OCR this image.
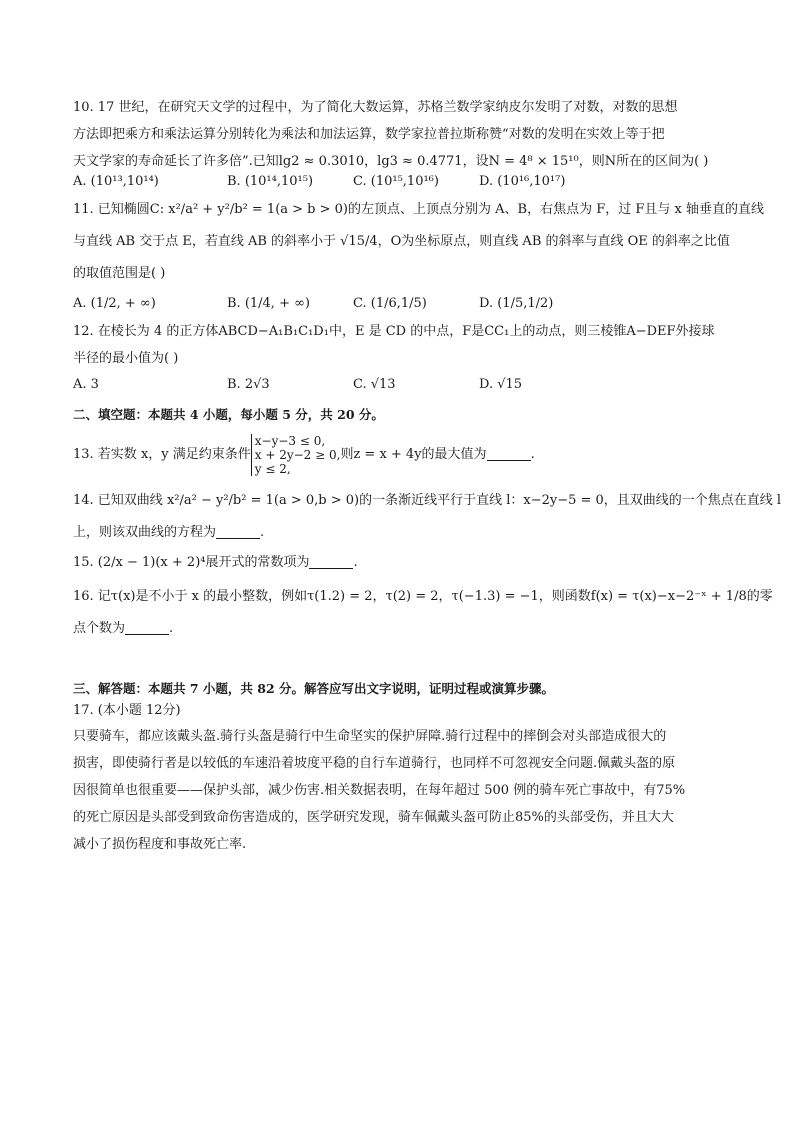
10. 17 世纪，在研究天文学的过程中，为了简化大数运算，苏格兰数学家纳皮尔发明了对数，对数的思想

方法即把乘方和乘法运算分别转化为乘法和加法运算，数学家拉普拉斯称赞“对数的发明在实效上等于把

天文学家的寿命延长了许多倍”.已知lg2 ≈ 0.3010，lg3 ≈ 0.4771，设N = 4⁸ × 15¹⁰，则N所在的区间为( )

A. (10¹³,10¹⁴)	B. (10¹⁴,10¹⁵)	C. (10¹⁵,10¹⁶)	D. (10¹⁶,10¹⁷)

11. 已知椭圆C: x²/a² + y²/b² = 1(a > b > 0)的左顶点、上顶点分别为 A、B，右焦点为 F，过 F且与 x 轴垂直的直线

与直线 AB 交于点 E，若直线 AB 的斜率小于 √15/4，O为坐标原点，则直线 AB 的斜率与直线 OE 的斜率之比值

的取值范围是( )

A. (1/2, + ∞)	B. (1/4, + ∞)	C. (1/6,1/5)	D. (1/5,1/2)

12. 在棱长为 4 的正方体ABCD−A₁B₁C₁D₁中，E 是 CD 的中点，F是CC₁上的动点，则三棱锥A−DEF外接球

半径的最小值为( )

A. 3	B. 2√3	C. √13	D. √15

二、填空题：本题共 4 小题，每小题 5 分，共 20 分。

13. 若实数 x，y 满足约束条件
x−y−3 ≤ 0,
x + 2y−2 ≥ 0,
y ≤ 2,
则z = x + 4y的最大值为	.

14. 已知双曲线 x²/a² − y²/b² = 1(a > 0,b > 0)的一条渐近线平行于直线 l：x−2y−5 = 0，且双曲线的一个焦点在直线 l

上，则该双曲线的方程为	.

15. (2/x − 1)(x + 2)⁴展开式的常数项为	.

16. 记τ(x)是不小于 x 的最小整数，例如τ(1.2) = 2，τ(2) = 2，τ(−1.3) = −1，则函数f(x) = τ(x)−x−2⁻ˣ + 1/8的零

点个数为	.

三、解答题：本题共 7 小题，共 82 分。解答应写出文字说明，证明过程或演算步骤。

17. (本小题 12分)

只要骑车，都应该戴头盔.骑行头盔是骑行中生命坚实的保护屏障.骑行过程中的摔倒会对头部造成很大的

损害，即使骑行者是以较低的车速沿着坡度平稳的自行车道骑行，也同样不可忽视安全问题.佩戴头盔的原

因很简单也很重要——保护头部，减少伤害.相关数据表明，在每年超过 500 例的骑车死亡事故中，有75%

的死亡原因是头部受到致命伤害造成的，医学研究发现，骑车佩戴头盔可防止85%的头部受伤，并且大大

减小了损伤程度和事故死亡率.
